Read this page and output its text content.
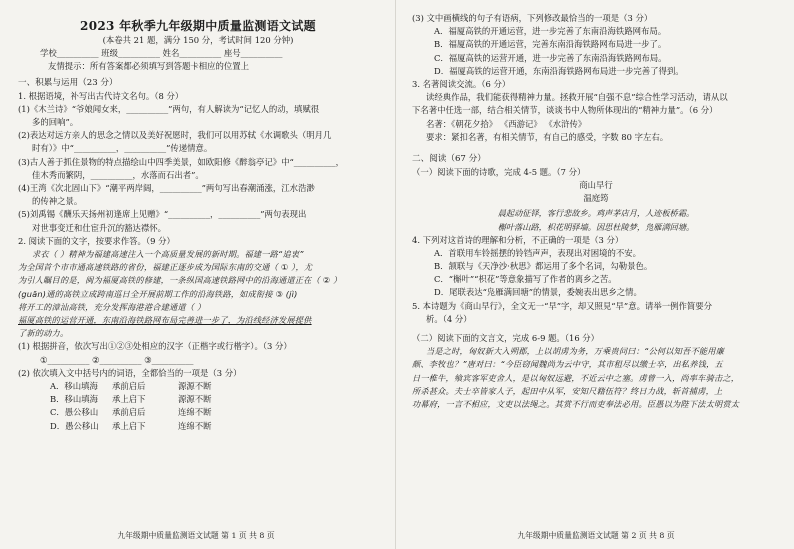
2023 年秋季九年级期中质量监测语文试题
(本卷共 21 题，满分 150 分，考试时间 120 分钟)
学校__________ 班级__________ 姓名__________ 座号__________
友情提示：所有答案都必须填写到答题卡相应的位置上
一、积累与运用（23 分）
1. 根据语境，补写出古代诗文名句。（8 分）
(1)《木兰诗》“爷娘闻女来，__________”两句，有人解读为“记忆人的动，填赋很
多的回响”。
(2)表达对远方亲人的思念之情以及美好祝愿时，我们可以用苏轼《水调歌头（明月几
时有）》中“__________，__________”传递情意。
(3)古人善于抓住景物的特点描绘山中四季美景，如欧阳修《醉翁亭记》中“__________，
佳木秀而繁阴，__________，水落而石出者”。
(4)王湾《次北固山下》“潮平两岸阔，__________”两句写出春潮涌涨，江水浩渺
的传神之景。
(5)刘禹锡《酬乐天扬州初逢席上见赠》“__________，__________”两句表现出
对世事变迁和仕宦升沉的豁达襟怀。
2. 阅读下面的文字，按要求作答。（9 分）
求衣（ ）精神为福建高速注入一个高质量发展的新时期。福建一路“追衷”
为全国首个市市通高速铁路的省份，福建正逐步成为国际东南的交通（ ① ），尤
为引人瞩目的是，闽为福厦高铁的修建，一条纵国高速铁路网中的沿海通道正在（ ② ）
(guān)通的高铁立成跨南巡日全开展前期工作的沿海铁路，如成衔接 ③ (jì)
将开工的漳汕高铁，充分发挥海港港合建通道（ ）
福厦高铁的运营开通，东南沿海铁路网布局完善进一步了，为沿线经济发展提供
了新的动力。
(1) 根据拼音，依次写出①②③处相应的汉字（正楷字或行楷字）。（3 分）
①__________ ②__________ ③__________
(2) 依次填入文中括号内的词语，全都恰当的一项是（3 分）
A．移山填海	承前启后	源源不断
B．移山填海	承上启下	源源不断
C．愚公移山	承前启后	连绵不断
D．愚公移山	承上启下	连绵不断
九年级期中质量监测语文试题 第 1 页 共 8 页
(3) 文中画横线的句子有语病，下列修改最恰当的一项是（3 分）
A．福厦高铁的开通运营，进一步完善了东南沿海铁路网布局。
B．福厦高铁的开通运营，完善东南沿海铁路网布局进一步了。
C．福厦高铁的运营开通，进一步完善了东南沿海铁路网布局。
D．福厦高铁的运营开通，东南沿海铁路网布局进一步完善了得到。
3. 名著阅读交流。（6 分）
读经典作品，我们能获得精神力量。拯救开展“自强不息”综合性学习活动，请从以
下名著中任选一部，结合相关情节，谈谈书中人物所体现出的“精神力量”。（6 分）
名著：《朝花夕拾》 《西游记》 《水浒传》
要求：紧扣名著，有相关情节，有自己的感受，字数 80 字左右。
二、阅读（67 分）
（一）阅读下面的诗歌，完成 4-5 题。（7 分）
商山早行
温庭筠
晨起动征铎，客行悲故乡。鸡声茅店月，人迹板桥霜。
槲叶落山路，枳花明驿墙。因思杜陵梦，凫雁满回塘。
4. 下列对这首诗的理解和分析，不正确的一项是（3 分）
A．首联用车铃摇摆的铃铛声声，表现出对困境的不安。
B．颔联与《天净沙·秋思》都运用了多个名词，勾勒景色。
C．“槲叶”“枳花”等意象描写了作者的离乡之苦。
D．尾联表达“凫雁满回塘”的情景，委婉表出思乡之情。
5. 本诗题为《商山早行》，全文无一“早”字，却又照見“早”意。请举一例作简要分
析。（4 分）
（二）阅读下面的文言文，完成 6-9 题。（16 分）
当是之时，匈奴新大入朔郡，上以胡虏为务，万乘贵问曰：“公何以知吾不能用廉
颇、李牧也？”唐对曰：“今臣窃闻魏尚为云中守，其市租尽以缴士卒，出私养钱，五
日一椎牛，飨宾客军吏舍人，是以匈奴远避，不近云中之塞。虏曾一入，尚率车骑击之，
所杀甚众。夫士卒皆家人子，起田中从军，安知尺籍伍符？终日力战，斩首捕虏，上
功幕府，一言不相应，文吏以法绳之。其赏不行而吏奉法必用。臣愚以为陛下法太明赏太
九年级期中质量监测语文试题 第 2 页 共 8 页
